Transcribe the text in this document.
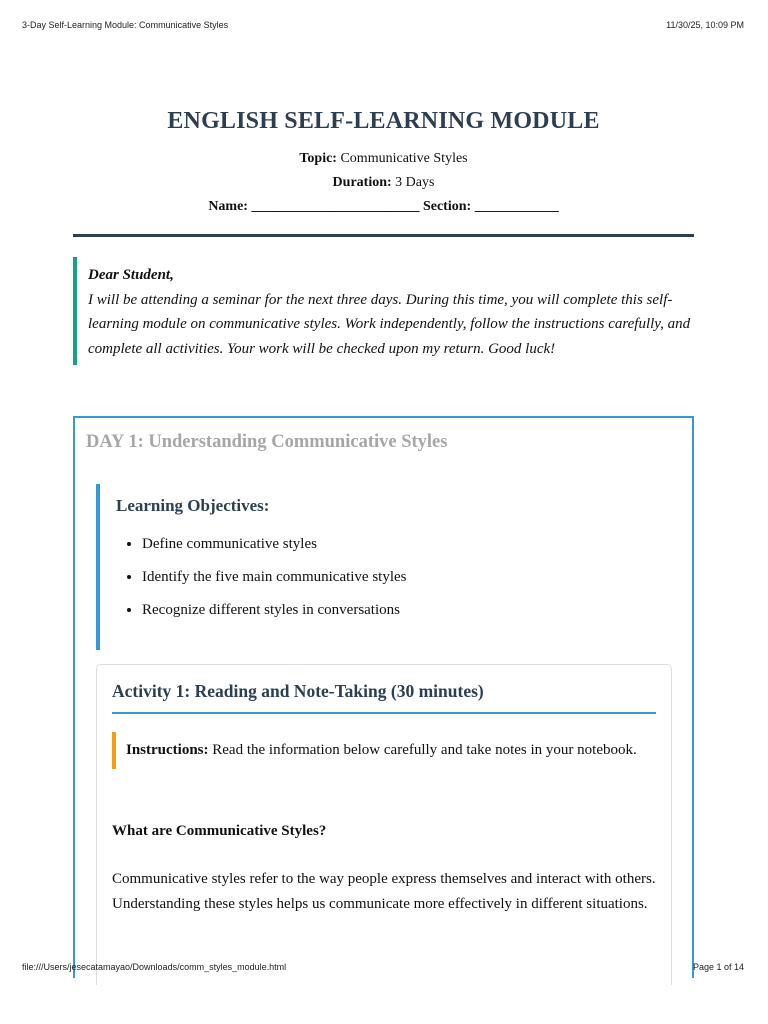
3-Day Self-Learning Module: Communicative Styles	11/30/25, 10:09 PM
ENGLISH SELF-LEARNING MODULE
Topic: Communicative Styles
Duration: 3 Days
Name: ________________________ Section: ____________
Dear Student,
I will be attending a seminar for the next three days. During this time, you will complete this self-learning module on communicative styles. Work independently, follow the instructions carefully, and complete all activities. Your work will be checked upon my return. Good luck!
DAY 1: Understanding Communicative Styles
Learning Objectives:
• Define communicative styles
• Identify the five main communicative styles
• Recognize different styles in conversations
Activity 1: Reading and Note-Taking (30 minutes)
Instructions: Read the information below carefully and take notes in your notebook.
What are Communicative Styles?
Communicative styles refer to the way people express themselves and interact with others. Understanding these styles helps us communicate more effectively in different situations.
file:///Users/jesecatamayao/Downloads/comm_styles_module.html	Page 1 of 14
